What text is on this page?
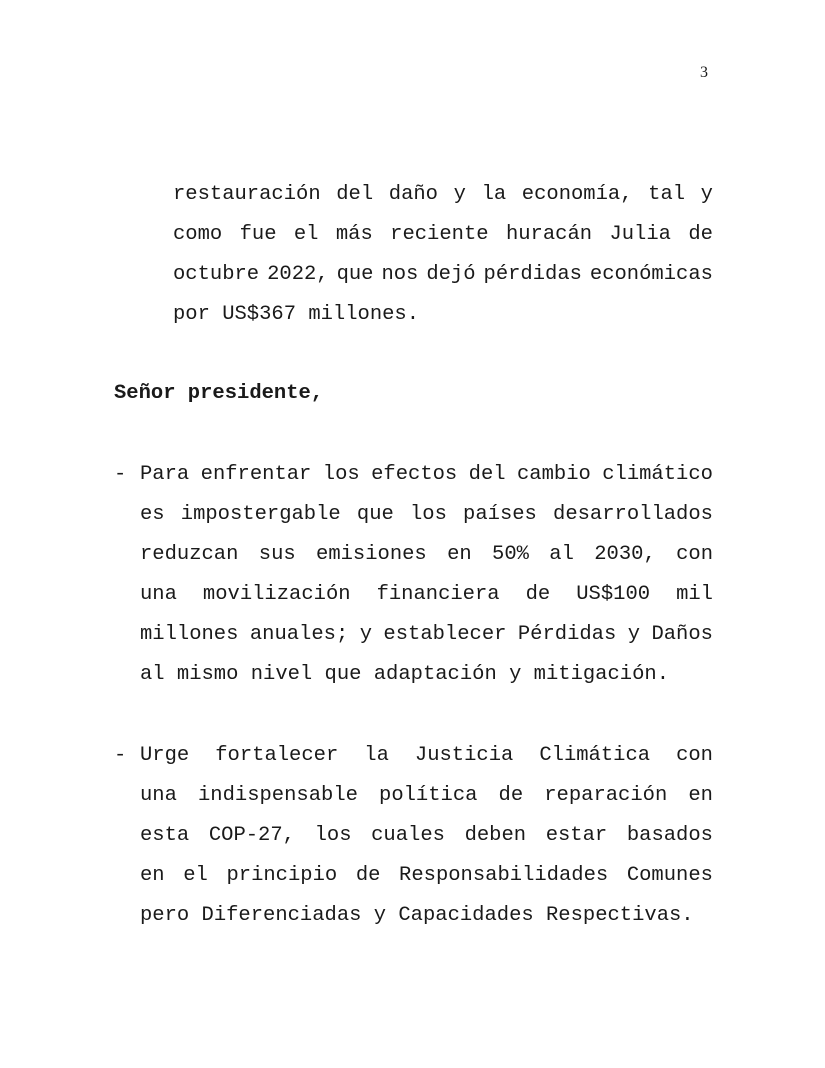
3
restauración del daño y la economía, tal y
como fue el más reciente huracán Julia de
octubre 2022, que nos dejó pérdidas económicas
por US$367 millones.
Señor presidente,
- Para enfrentar los efectos del cambio climático
es impostergable que los países desarrollados
reduzcan sus emisiones en 50% al 2030, con
una movilización financiera de US$100 mil
millones anuales; y establecer Pérdidas y Daños
al mismo nivel que adaptación y mitigación.
- Urge fortalecer la Justicia Climática con
una indispensable política de reparación en
esta COP-27, los cuales deben estar basados
en el principio de Responsabilidades Comunes
pero Diferenciadas y Capacidades Respectivas.
